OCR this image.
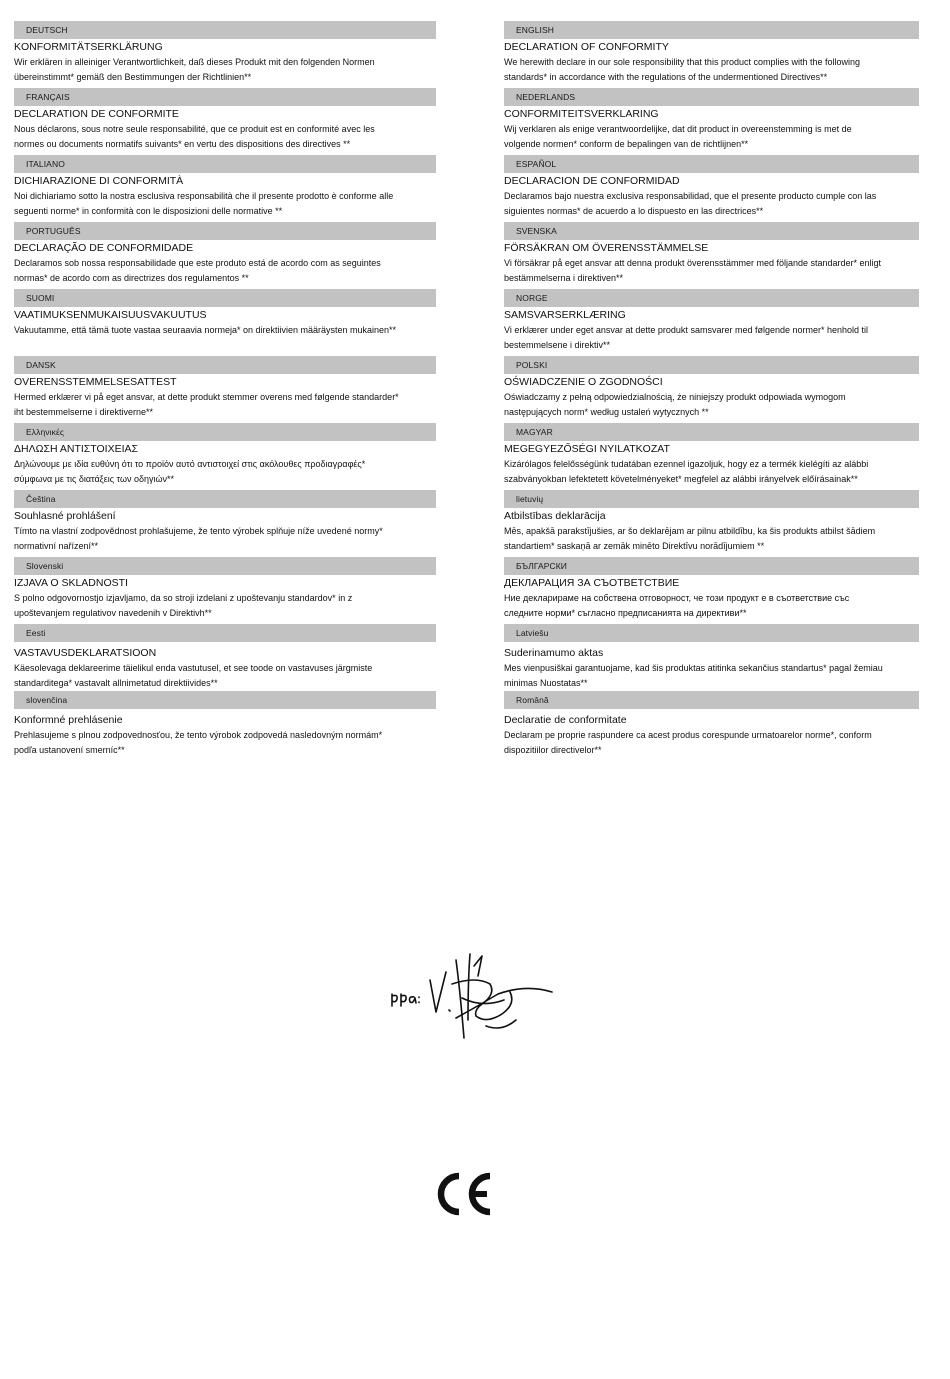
DEUTSCH
KONFORMITÄTSERKLÄRUNG
Wir erklären in alleiniger Verantwortlichkeit, daß dieses Produkt mit den folgenden Normen
übereinstimmt* gemäß den Bestimmungen der Richtlinien**
FRANÇAIS
DECLARATION DE CONFORMITE
Nous déclarons, sous notre seule responsabilité, que ce produit est en conformité avec les
normes ou documents normatifs suivants* en vertu des dispositions des directives **
ITALIANO
DICHIARAZIONE DI CONFORMITÀ
Noi dichiariamo sotto la nostra esclusiva responsabilità che il presente prodotto è conforme alle
seguenti norme* in conformità con le disposizioni delle normative **
PORTUGUÊS
DECLARAÇÃO DE CONFORMIDADE
Declaramos sob nossa responsabilidade que este produto está de acordo com as seguintes
normas* de acordo com as directrizes dos regulamentos **
SUOMI
VAATIMUKSENMUKAISUUSVAKUUTUS
Vakuutamme, että tämä tuote vastaa seuraavia normeja* on direktiivien määräysten mukainen**
DANSK
OVERENSSTEMMELSESATTEST
Hermed erklærer vi på eget ansvar, at dette produkt stemmer overens med følgende standarder*
iht bestemmelserne i direktiverne**
Ελληνικές
ΔΗΛΩΣΗ ΑΝΤΙΣΤΟΙΧΕΙΑΣ
Δηλώνουμε με ιδία ευθύνη ότι το προϊόν αυτό αντιστοιχεί στις ακόλουθες προδιαγραφές*
σύμφωνα με τις διατάξεις των οδηγιών**
Čeština
Souhlasné prohlášení
Tímto na vlastní zodpovědnost prohlašujeme, že tento výrobek splňuje níže uvedené normy*
normativní nařízení**
Slovenski
IZJAVA O SKLADNOSTI
S polno odgovornostjo izjavljamo, da so stroji izdelani z upoštevanju standardov* in z
upoštevanjem regulativov navedenih v Direktivh**
Eesti
VASTAVUSDEKLARATSIOON
Käesolevaga deklareerime täielikul enda vastutusel, et see toode on vastavuses järgmiste
standarditega* vastavalt allnimetatud direktiivides**
slovenčina
Konformné prehlásenie
Prehlasujeme s plnou zodpovednosťou, že tento výrobok zodpovedá nasledovným normám*
podľa ustanovení smerníc**
ENGLISH
DECLARATION OF CONFORMITY
We herewith declare in our sole responsibility that this product complies with the following
standards* in accordance with the regulations of the undermentioned Directives**
NEDERLANDS
CONFORMITEITSVERKLARING
Wij verklaren als enige verantwoordelijke, dat dit product in overeenstemming is met de
volgende normen* conform de bepalingen van de richtlijnen**
ESPAÑOL
DECLARACION DE CONFORMIDAD
Declaramos bajo nuestra exclusiva responsabilidad, que el presente producto cumple con las
siguientes normas* de acuerdo a lo dispuesto en las directrices**
SVENSKA
FÖRSÄKRAN OM ÖVERENSSTÄMMELSE
Vi försäkrar på eget ansvar att denna produkt överensstämmer med följande standarder* enligt
bestämmelserna i direktiven**
NORGE
SAMSVARSERKLÆRING
Vi erklærer under eget ansvar at dette produkt samsvarer med følgende normer* henhold til
bestemmelsene i direktiv**
POLSKI
OŚWIADCZENIE O ZGODNOŚCI
Oświadczamy z pełną odpowiedzialnością, że niniejszy produkt odpowiada wymogom
następujących norm* według ustaleń wytycznych **
MAGYAR
MEGEGYEZŐSÉGI NYILATKOZAT
Kizárólagos felelősségünk tudatában ezennel igazoljuk, hogy ez a termék kielégíti az alábbi
szabványokban lefektetett követelményeket* megfelel az alábbi irányelvek előírásainak**
lietuvių
Atbilstības deklarācija
Mēs, apakšā parakstījušies, ar šo deklarējam ar pilnu atbildību, ka šis produkts atbilst šādiem
standartiem* saskaņā ar zemāk minēto Direktīvu norādījumiem **
БЪЛГАРСКИ
ДЕКЛАРАЦИЯ ЗА СЪОТВЕТСТВИЕ
Ние декларираме на собствена отговорност, че този продукт е в съответствие със
следните норми* съгласно предписанията на директиви**
Latviešu
Suderinamumo aktas
Mes vienpusiškai garantuojame, kad šis produktas atitinka sekančius standartus* pagal žemiau
minimas Nuostatas**
Română
Declaratie de conformitate
Declaram pe proprie raspundere ca acest produs corespunde urmatoarelor norme*, conform
dispozitiilor directivelor**
